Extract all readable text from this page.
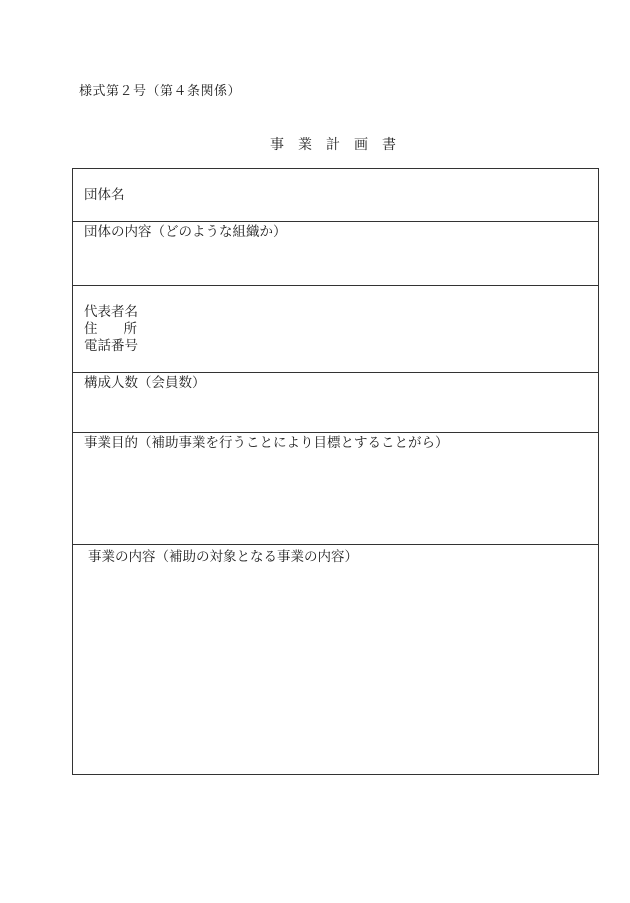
様式第２号（第４条関係）
事業計画書
団体名

団体の内容（どのような組織か）

代表者名
住所
電話番号

構成人数（会員数）

事業目的（補助事業を行うことにより目標とすることがら）

事業の内容（補助の対象となる事業の内容）
